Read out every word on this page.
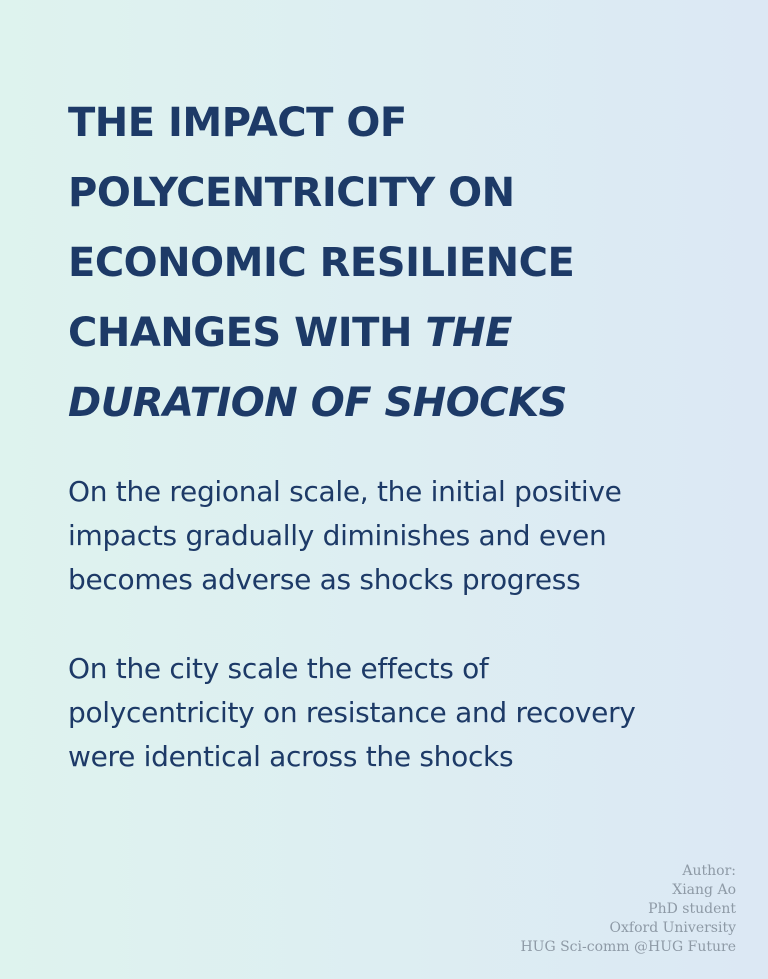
THE IMPACT OF
POLYCENTRICITY ON
ECONOMIC RESILIENCE
CHANGES WITH THE
DURATION OF SHOCKS

On the regional scale, the initial positive
impacts gradually diminishes and even
becomes adverse as shocks progress

On the city scale the effects of
polycentricity on resistance and recovery
were identical across the shocks

Author:
Xiang Ao
PhD student
Oxford University
HUG Sci-comm @HUG Future
